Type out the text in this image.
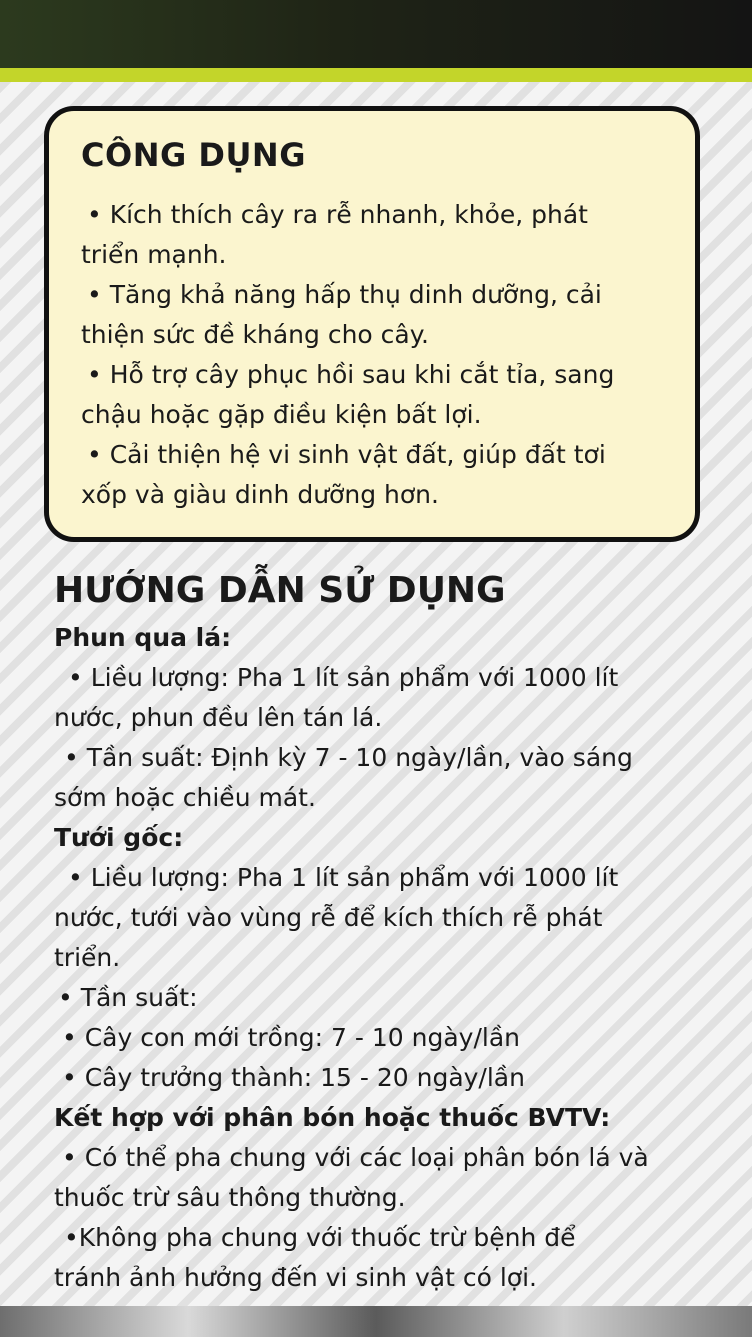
CÔNG DỤNG

• Kích thích cây ra rễ nhanh, khỏe, phát

triển mạnh.

• Tăng khả năng hấp thụ dinh dưỡng, cải

thiện sức đề kháng cho cây.

• Hỗ trợ cây phục hồi sau khi cắt tỉa, sang

chậu hoặc gặp điều kiện bất lợi.

• Cải thiện hệ vi sinh vật đất, giúp đất tơi

xốp và giàu dinh dưỡng hơn.

HƯỚNG DẪN SỬ DỤNG

Phun qua lá:

• Liều lượng: Pha 1 lít sản phẩm với 1000 lít

nước, phun đều lên tán lá.

• Tần suất: Định kỳ 7 - 10 ngày/lần, vào sáng

sớm hoặc chiều mát.

Tưới gốc:

• Liều lượng: Pha 1 lít sản phẩm với 1000 lít

nước, tưới vào vùng rễ để kích thích rễ phát

triển.

• Tần suất:

• Cây con mới trồng: 7 - 10 ngày/lần

• Cây trưởng thành: 15 - 20 ngày/lần

Kết hợp với phân bón hoặc thuốc BVTV:

• Có thể pha chung với các loại phân bón lá và

thuốc trừ sâu thông thường.

•Không pha chung với thuốc trừ bệnh để

tránh ảnh hưởng đến vi sinh vật có lợi.
